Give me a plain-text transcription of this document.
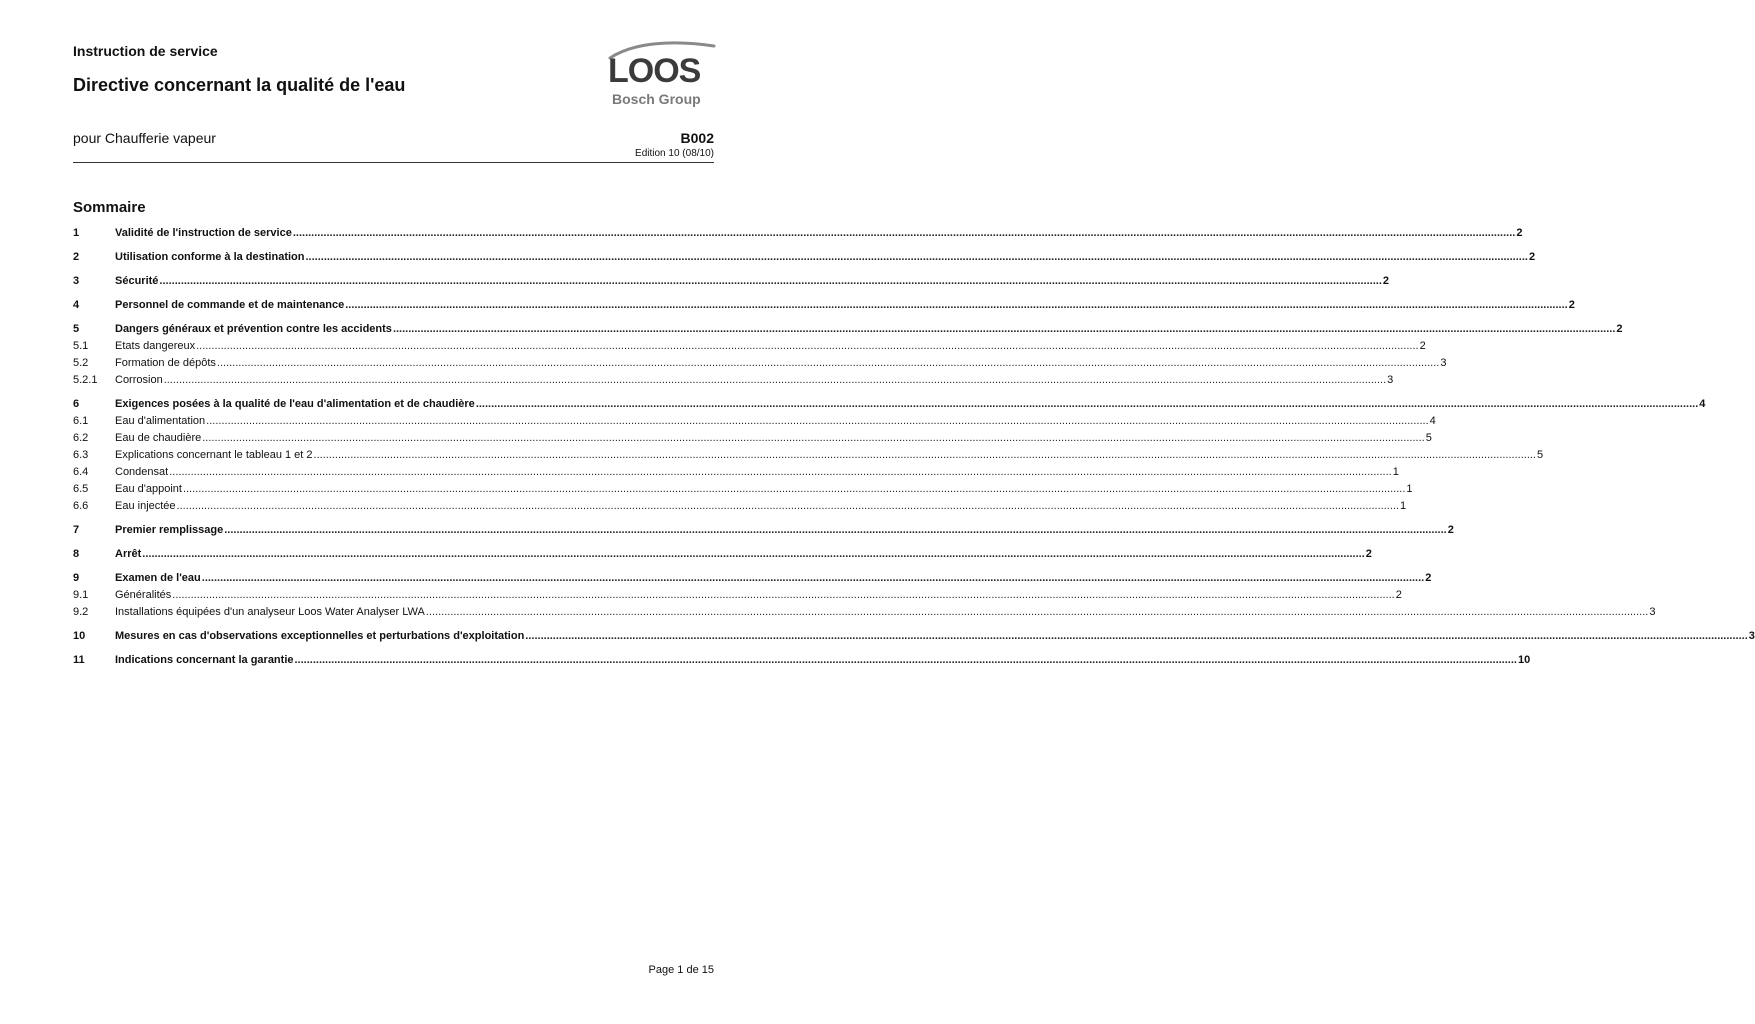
Instruction de service

Directive concernant la qualité de l'eau	LOOS
Bosch Group

pour Chaufferie vapeur	B002

Edition 10 (08/10)

Sommaire
1	Validité de l'instruction de service ................................................................................................................................................................................................................................................................................................................................................................................................................ 2
2	Utilisation conforme à la destination ................................................................................................................................................................................................................................................................................................................................................................................................................ 2
3	Sécurité ................................................................................................................................................................................................................................................................................................................................................................................................................ 2
4	Personnel de commande et de maintenance ................................................................................................................................................................................................................................................................................................................................................................................................................ 2
5	Dangers généraux et prévention contre les accidents ................................................................................................................................................................................................................................................................................................................................................................................................................ 2
5.1	Etats dangereux ................................................................................................................................................................................................................................................................................................................................................................................................................ 2
5.2	Formation de dépôts ................................................................................................................................................................................................................................................................................................................................................................................................................ 3
5.2.1	Corrosion ................................................................................................................................................................................................................................................................................................................................................................................................................ 3
6	Exigences posées à la qualité de l'eau d'alimentation et de chaudière ................................................................................................................................................................................................................................................................................................................................................................................................................ 4
6.1	Eau d'alimentation ................................................................................................................................................................................................................................................................................................................................................................................................................ 4
6.2	Eau de chaudière ................................................................................................................................................................................................................................................................................................................................................................................................................ 5
6.3	Explications concernant le tableau 1 et 2 ................................................................................................................................................................................................................................................................................................................................................................................................................ 5
6.4	Condensat ................................................................................................................................................................................................................................................................................................................................................................................................................ 1
6.5	Eau d'appoint ................................................................................................................................................................................................................................................................................................................................................................................................................ 1
6.6	Eau injectée ................................................................................................................................................................................................................................................................................................................................................................................................................ 1
7	Premier remplissage ................................................................................................................................................................................................................................................................................................................................................................................................................ 2
8	Arrêt ................................................................................................................................................................................................................................................................................................................................................................................................................ 2
9	Examen de l'eau ................................................................................................................................................................................................................................................................................................................................................................................................................ 2
9.1	Généralités ................................................................................................................................................................................................................................................................................................................................................................................................................ 2
9.2	Installations équipées d'un analyseur Loos Water Analyser LWA ................................................................................................................................................................................................................................................................................................................................................................................................................ 3
10	Mesures en cas d'observations exceptionnelles et perturbations d'exploitation ................................................................................................................................................................................................................................................................................................................................................................................................................ 3
11	Indications concernant la garantie ................................................................................................................................................................................................................................................................................................................................................................................................................ 10

Page 1 de 15
